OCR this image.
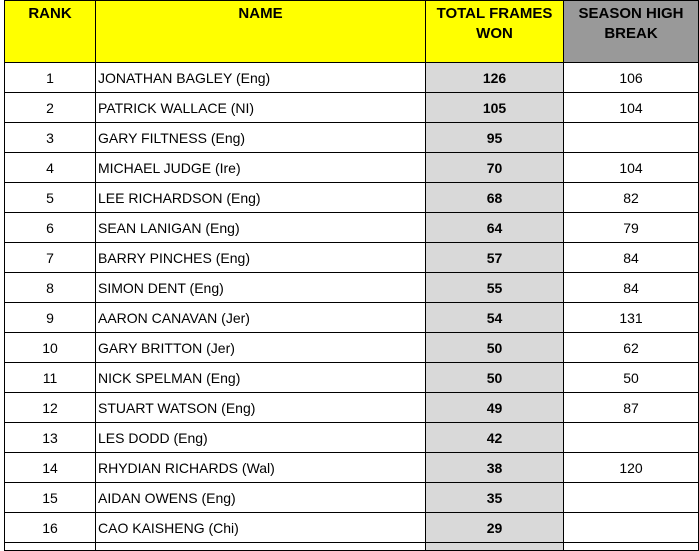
RANK	NAME	TOTAL FRAMES WON	SEASON HIGH BREAK
1	JONATHAN BAGLEY (Eng)	126	106
2	PATRICK WALLACE (NI)	105	104
3	GARY FILTNESS (Eng)	95	
4	MICHAEL JUDGE (Ire)	70	104
5	LEE RICHARDSON (Eng)	68	82
6	SEAN LANIGAN (Eng)	64	79
7	BARRY PINCHES (Eng)	57	84
8	SIMON DENT (Eng)	55	84
9	AARON CANAVAN (Jer)	54	131
10	GARY BRITTON (Jer)	50	62
11	NICK SPELMAN (Eng)	50	50
12	STUART WATSON (Eng)	49	87
13	LES DODD (Eng)	42	
14	RHYDIAN RICHARDS (Wal)	38	120
15	AIDAN OWENS (Eng)	35	
16	CAO KAISHENG (Chi)	29	
